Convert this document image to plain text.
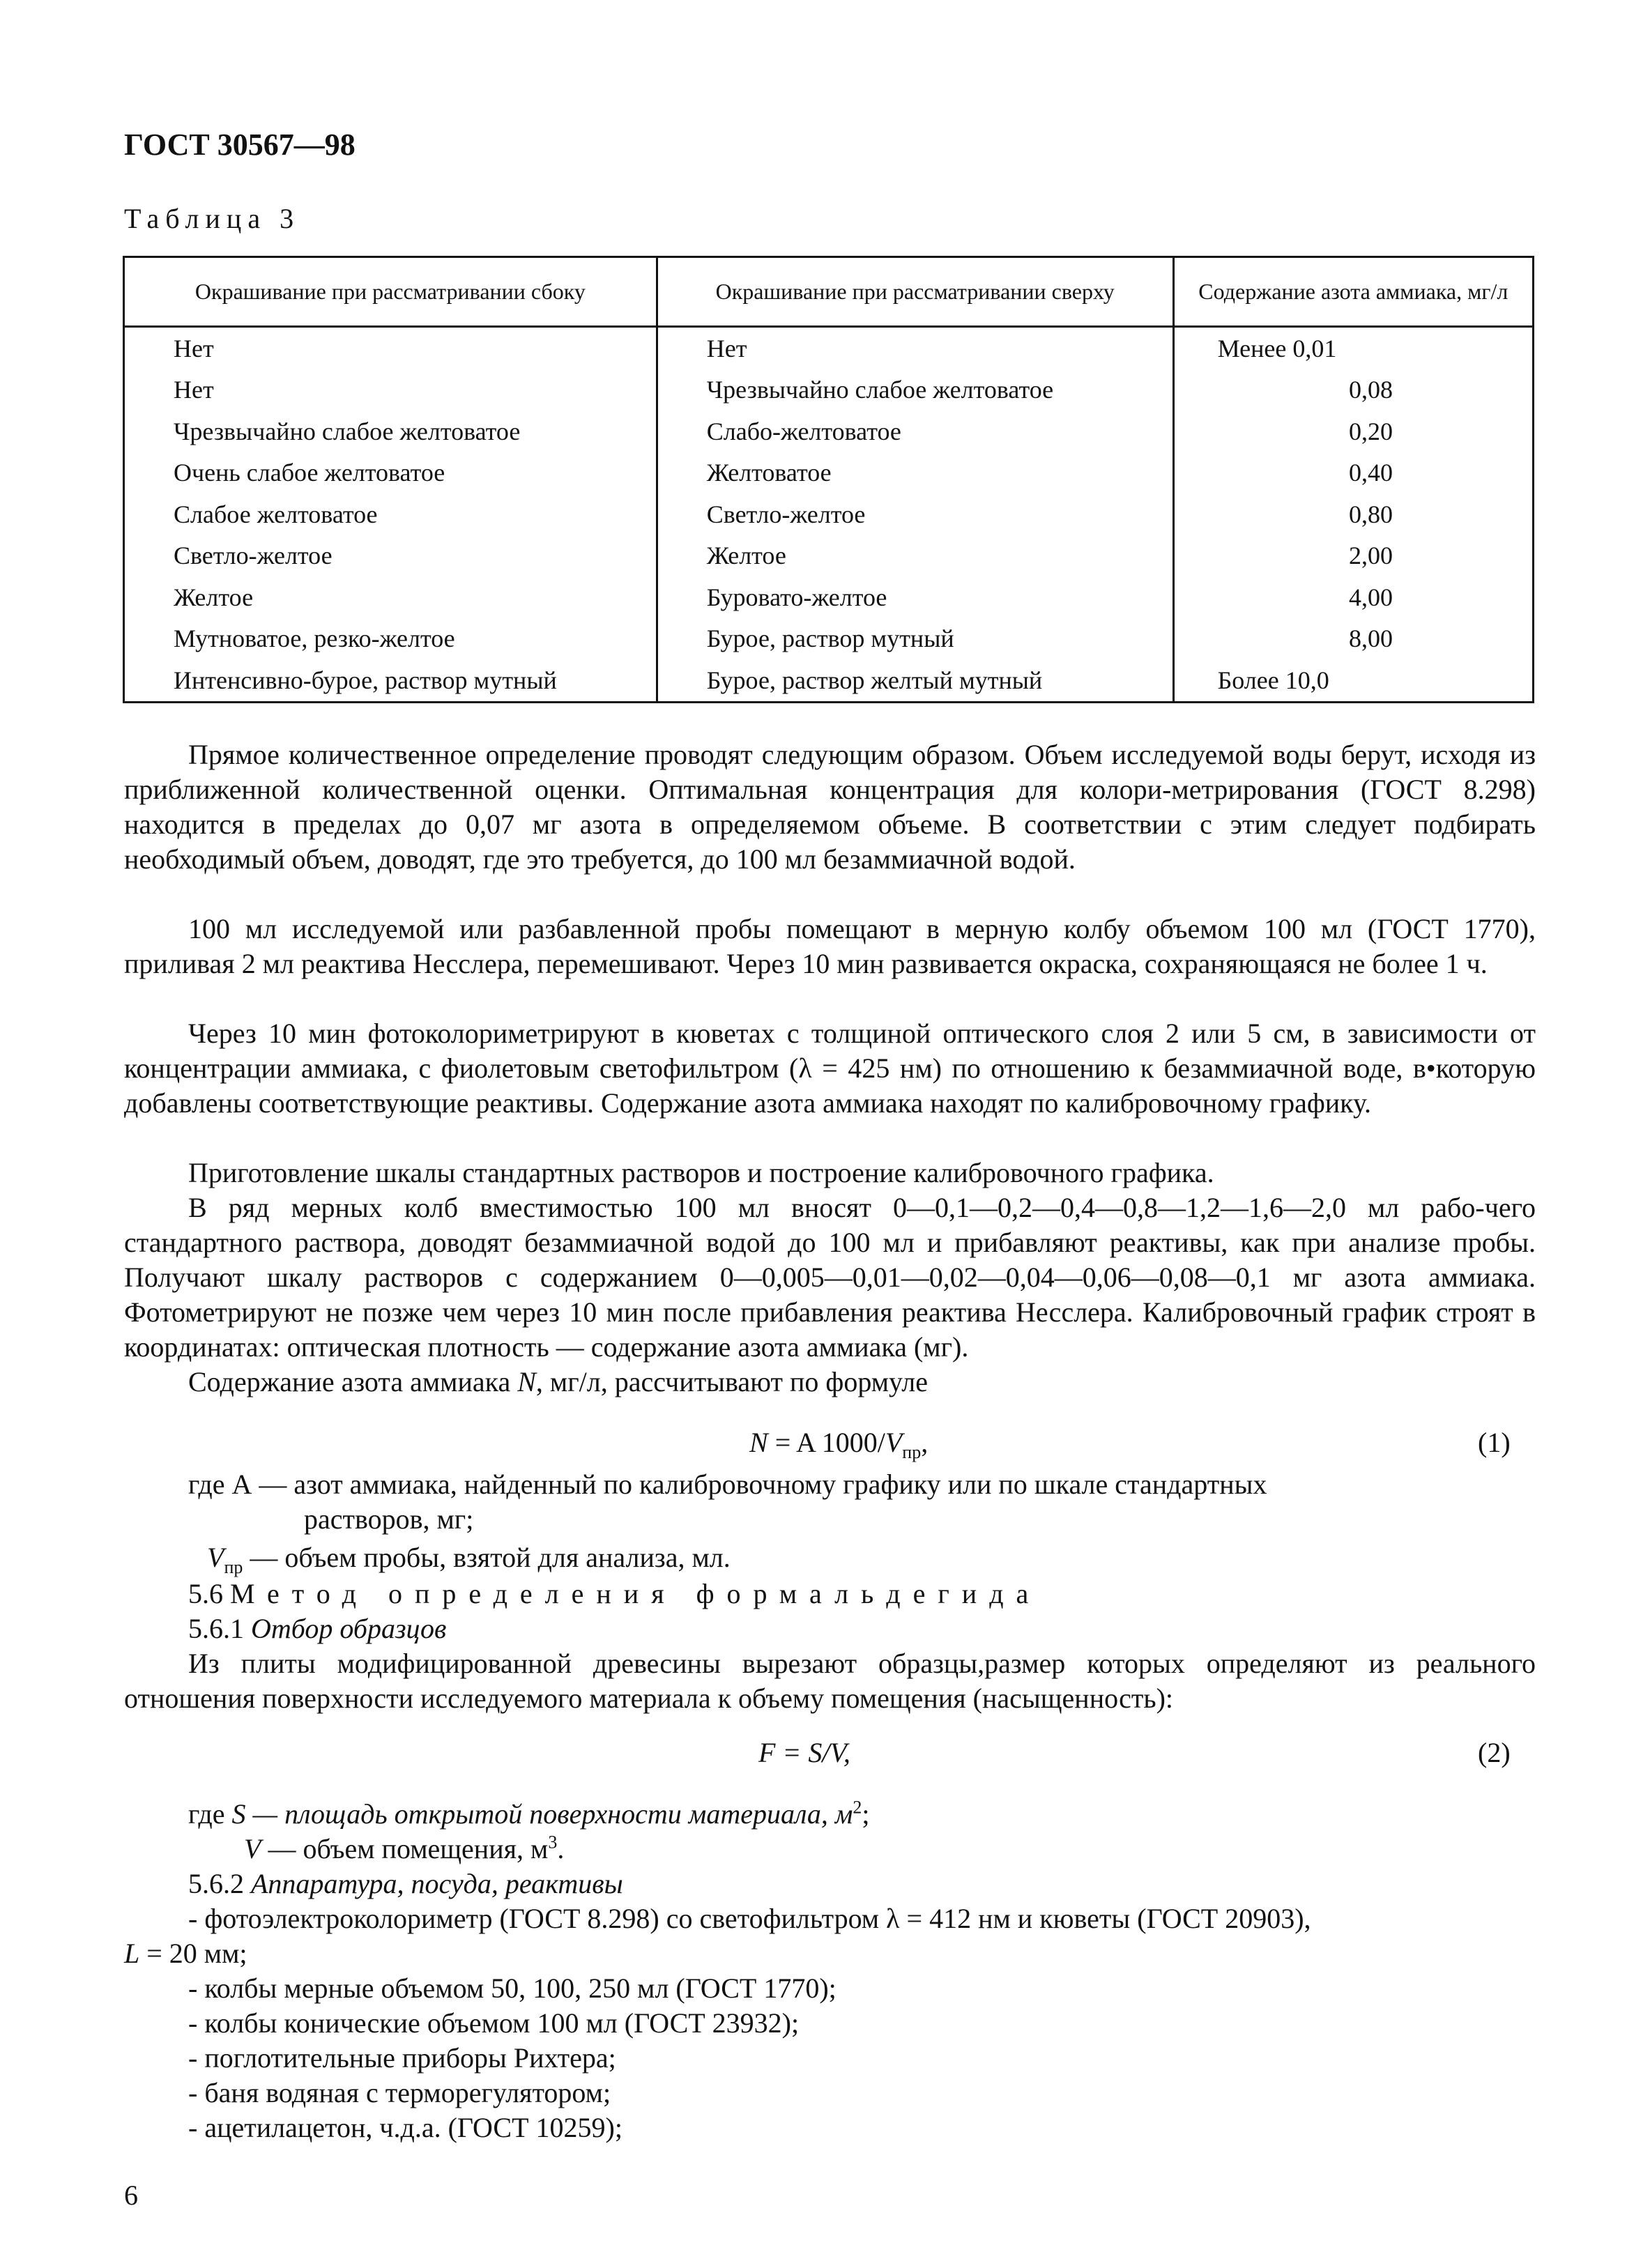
ГОСТ 30567—98
Таблица 3
Окрашивание при рассматривании сбоку	Окрашивание при рассматривании сверху	Содержание азота аммиака, мг/л
Нет	Нет	Менее 0,01
Нет	Чрезвычайно слабое желтоватое	0,08
Чрезвычайно слабое желтоватое	Слабо-желтоватое	0,20
Очень слабое желтоватое	Желтоватое	0,40
Слабое желтоватое	Светло-желтое	0,80
Светло-желтое	Желтое	2,00
Желтое	Буровато-желтое	4,00
Мутноватое, резко-желтое	Бурое, раствор мутный	8,00
Интенсивно-бурое, раствор мутный	Бурое, раствор желтый мутный	Более 10,0
Прямое количественное определение проводят следующим образом. Объем исследуемой воды берут, исходя из приближенной количественной оценки. Оптимальная концентрация для колори-метрирования (ГОСТ 8.298) находится в пределах до 0,07 мг азота в определяемом объеме. В соответствии с этим следует подбирать необходимый объем, доводят, где это требуется, до 100 мл безаммиачной водой.
100 мл исследуемой или разбавленной пробы помещают в мерную колбу объемом 100 мл (ГОСТ 1770), приливая 2 мл реактива Несслера, перемешивают. Через 10 мин развивается окраска, сохраняющаяся не более 1 ч.
Через 10 мин фотоколориметрируют в кюветах с толщиной оптического слоя 2 или 5 см, в зависимости от концентрации аммиака, с фиолетовым светофильтром (λ = 425 нм) по отношению к безаммиачной воде, в•которую добавлены соответствующие реактивы. Содержание азота аммиака находят по калибровочному графику.
Приготовление шкалы стандартных растворов и построение калибровочного графика.
В ряд мерных колб вместимостью 100 мл вносят 0—0,1—0,2—0,4—0,8—1,2—1,6—2,0 мл рабо-чего стандартного раствора, доводят безаммиачной водой до 100 мл и прибавляют реактивы, как при анализе пробы. Получают шкалу растворов с содержанием 0—0,005—0,01—0,02—0,04—0,06—0,08—0,1 мг азота аммиака. Фотометрируют не позже чем через 10 мин после прибавления реактива Несслера. Калибровочный график строят в координатах: оптическая плотность — содержание азота аммиака (мг).
Содержание азота аммиака N, мг/л, рассчитывают по формуле
N = A $1000/V_{пр}$,	(1)
где А — азот аммиака, найденный по калибровочному графику или по шкале стандартных
растворов, мг;
$V_{пр}$ — объем пробы, взятой для анализа, мл.
5.6 Метод определения формальдегида
5.6.1 Отбор образцов
Из плиты модифицированной древесины вырезают образцы,размер которых определяют из реального отношения поверхности исследуемого материала к объему помещения (насыщенность):
F = S/V,	(2)
где S — площадь открытой поверхности материала, $м^2$;
V — объем помещения, $м^3$.
5.6.2 Аппаратура, посуда, реактивы
- фотоэлектроколориметр (ГОСТ 8.298) со светофильтром λ = 412 нм и кюветы (ГОСТ 20903),
L = 20 мм;
- колбы мерные объемом 50, 100, 250 мл (ГОСТ 1770);
- колбы конические объемом 100 мл (ГОСТ 23932);
- поглотительные приборы Рихтера;
- баня водяная с терморегулятором;
- ацетилацетон, ч.д.а. (ГОСТ 10259);
6
